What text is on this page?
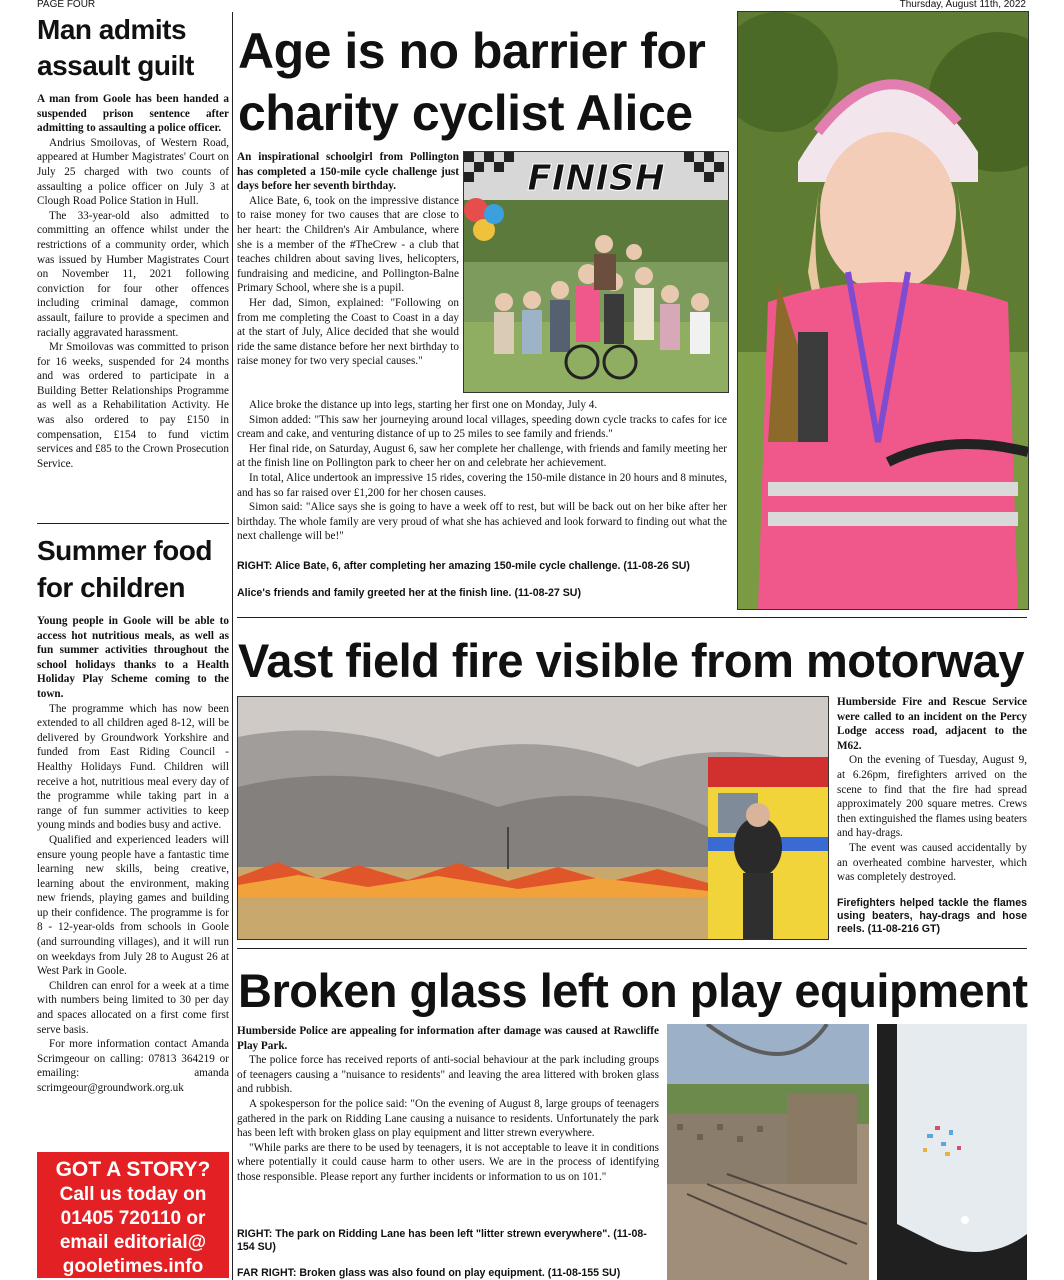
PAGE FOUR	Thursday, August 11th, 2022
Man admits
assault guilt

A man from Goole has been handed a suspended prison sentence after admitting to assaulting a police officer.

Andrius Smoilovas, of Western Road, appeared at Humber Magistrates' Court on July 25 charged with two counts of assaulting a police officer on July 3 at Clough Road Police Station in Hull.

The 33-year-old also admitted to committing an offence whilst under the restrictions of a community order, which was issued by Humber Magistrates Court on November 11, 2021 following conviction for four other offences including criminal damage, common assault, failure to provide a specimen and racially aggravated harassment.

Mr Smoilovas was committed to prison for 16 weeks, suspended for 24 months and was ordered to participate in a Building Better Relationships Programme as well as a Rehabilitation Activity. He was also ordered to pay £150 in compensation, £154 to fund victim services and £85 to the Crown Prosecution Service.

Summer food
for children

Young people in Goole will be able to access hot nutritious meals, as well as fun summer activities throughout the school holidays thanks to a Health Holiday Play Scheme coming to the town.

The programme which has now been extended to all children aged 8-12, will be delivered by Groundwork Yorkshire and funded from East Riding Council - Healthy Holidays Fund. Children will receive a hot, nutritious meal every day of the programme while taking part in a range of fun summer activities to keep young minds and bodies busy and active.

Qualified and experienced leaders will ensure young people have a fantastic time learning new skills, being creative, learning about the environment, making new friends, playing games and building up their confidence. The programme is for 8 - 12-year-olds from schools in Goole (and surrounding villages), and it will run on weekdays from July 28 to August 26 at West Park in Goole.

Children can enrol for a week at a time with numbers being limited to 30 per day and spaces allocated on a first come first serve basis.

For more information contact Amanda Scrimgeour on calling: 07813 364219 or emailing: amanda scrimgeour@groundwork.org.uk

GOT A STORY?
Call us today on
01405 720110 or
email editorial@
gooletimes.info
Age is no barrier for
charity cyclist Alice

An inspirational schoolgirl from Pollington has completed a 150-mile cycle challenge just days before her seventh birthday.

Alice Bate, 6, took on the impressive distance to raise money for two causes that are close to her heart: the Children's Air Ambulance, where she is a member of the #TheCrew - a club that teaches children about saving lives, helicopters, fundraising and medicine, and Pollington-Balne Primary School, where she is a pupil.

Her dad, Simon, explained: "Following on from me completing the Coast to Coast in a day at the start of July, Alice decided that she would ride the same distance before her next birthday to raise money for two very special causes."

FINISH

Alice broke the distance up into legs, starting her first one on Monday, July 4.

Simon added: "This saw her journeying around local villages, speeding down cycle tracks to cafes for ice cream and cake, and venturing distance of up to 25 miles to see family and friends."

Her final ride, on Saturday, August 6, saw her complete her challenge, with friends and family meeting her at the finish line on Pollington park to cheer her on and celebrate her achievement.

In total, Alice undertook an impressive 15 rides, covering the 150-mile distance in 20 hours and 8 minutes, and has so far raised over £1,200 for her chosen causes.

Simon said: "Alice says she is going to have a week off to rest, but will be back out on her bike after her birthday. The whole family are very proud of what she has achieved and look forward to finding out what the next challenge will be!"

RIGHT: Alice Bate, 6, after completing her amazing 150-mile cycle challenge. (11-08-26 SU)
Alice's friends and family greeted her at the finish line. (11-08-27 SU)
Vast field fire visible from motorway

Humberside Fire and Rescue Service were called to an incident on the Percy Lodge access road, adjacent to the M62.

On the evening of Tuesday, August 9, at 6.26pm, firefighters arrived on the scene to find that the fire had spread approximately 200 square metres. Crews then extinguished the flames using beaters and hay-drags.

The event was caused accidentally by an overheated combine harvester, which was completely destroyed.

Firefighters helped tackle the flames using beaters, hay-drags and hose reels. (11-08-216 GT)
Broken glass left on play equipment

Humberside Police are appealing for information after damage was caused at Rawcliffe Play Park.

The police force has received reports of anti-social behaviour at the park including groups of teenagers causing a "nuisance to residents" and leaving the area littered with broken glass and rubbish.

A spokesperson for the police said: "On the evening of August 8, large groups of teenagers gathered in the park on Ridding Lane causing a nuisance to residents. Unfortunately the park has been left with broken glass on play equipment and litter strewn everywhere.

"While parks are there to be used by teenagers, it is not acceptable to leave it in conditions where potentially it could cause harm to other users. We are in the process of identifying those responsible. Please report any further incidents or information to us on 101."

RIGHT: The park on Ridding Lane has been left "litter strewn everywhere". (11-08-154 SU)
FAR RIGHT: Broken glass was also found on play equipment. (11-08-155 SU)
